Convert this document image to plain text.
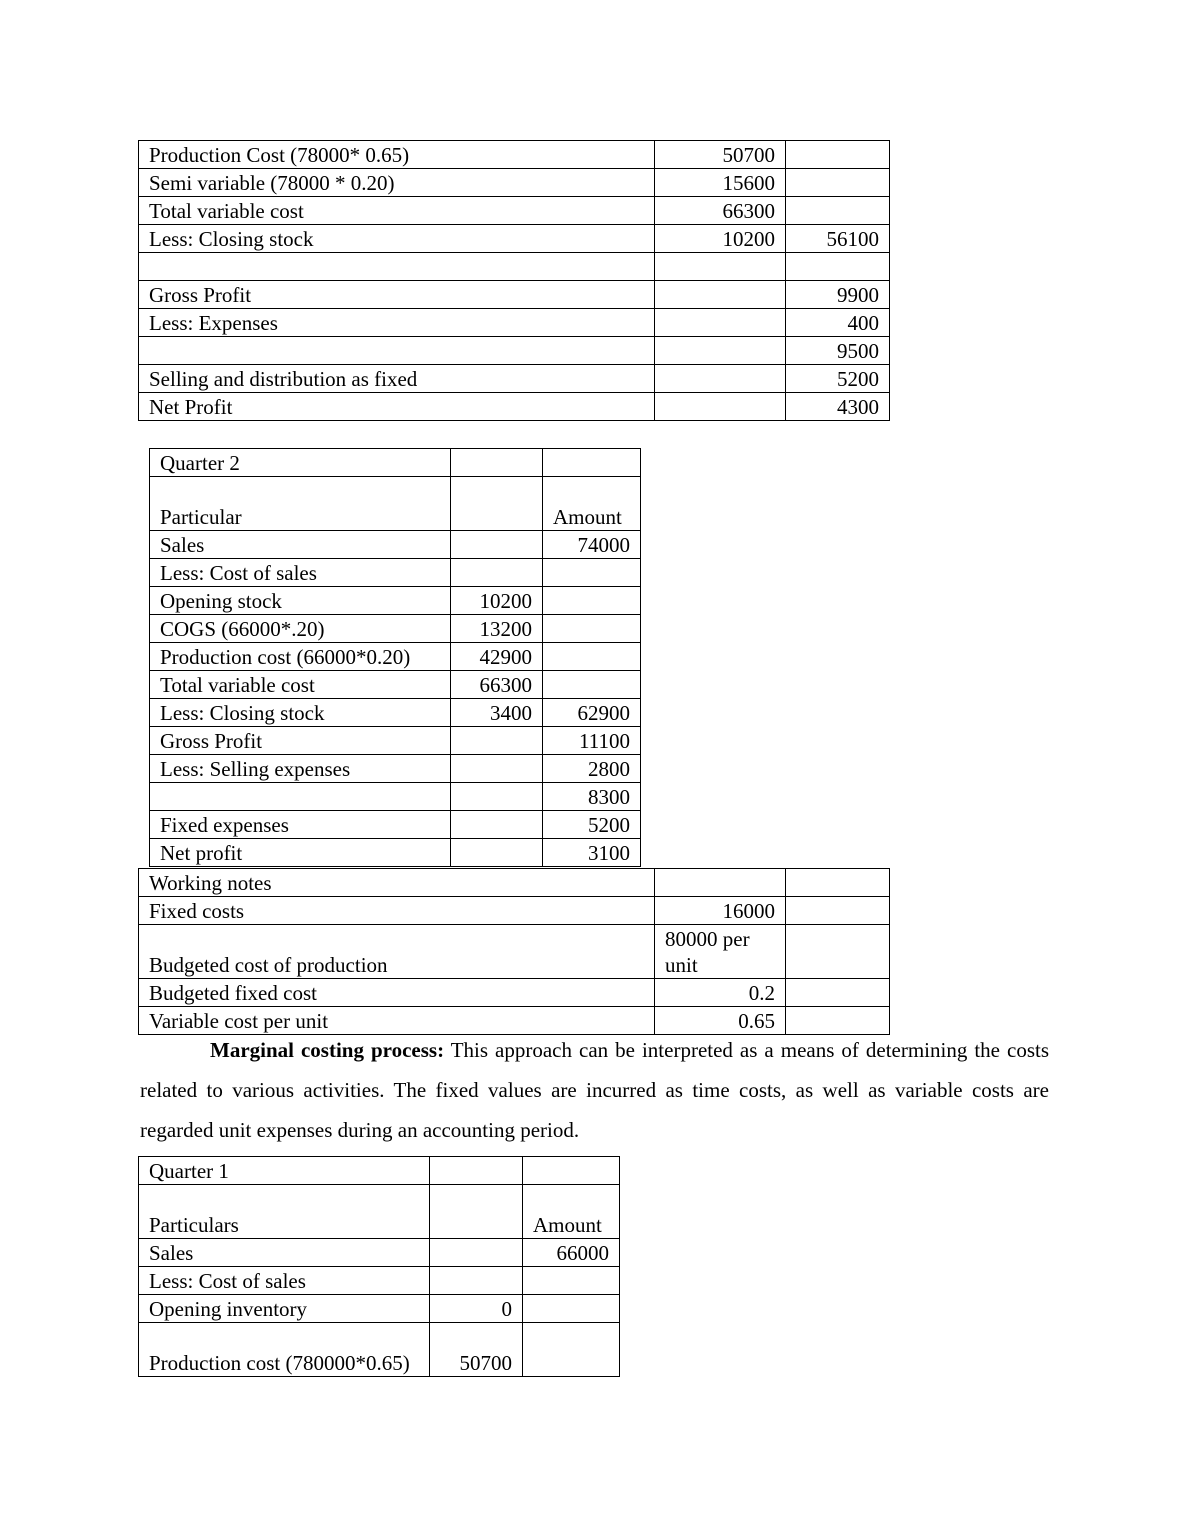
Production Cost (78000* 0.65)	50700	
Semi variable (78000 * 0.20)	15600	
Total variable cost	66300	
Less: Closing stock	10200	56100

Gross Profit		9900
Less: Expenses		400
		9500
Selling and distribution as fixed		5200
Net Profit		4300
Quarter 2		
Particular		Amount
Sales		74000
Less: Cost of sales		
Opening stock	10200	
COGS (66000*.20)	13200	
Production cost (66000*0.20)	42900	
Total variable cost	66300	
Less: Closing stock	3400	62900
Gross Profit		11100
Less: Selling expenses		2800
		8300
Fixed expenses		5200
Net profit		3100
Working notes		
Fixed costs	16000	
Budgeted cost of production	80000 per unit	
Budgeted fixed cost	0.2	
Variable cost per unit	0.65	

Marginal costing process: This approach can be interpreted as a means of determining the costs related to various activities. The fixed values are incurred as time costs, as well as variable costs are regarded unit expenses during an accounting period.

Quarter 1		
Particulars		Amount
Sales		66000
Less: Cost of sales		
Opening inventory	0	
Production cost (780000*0.65)	50700	
